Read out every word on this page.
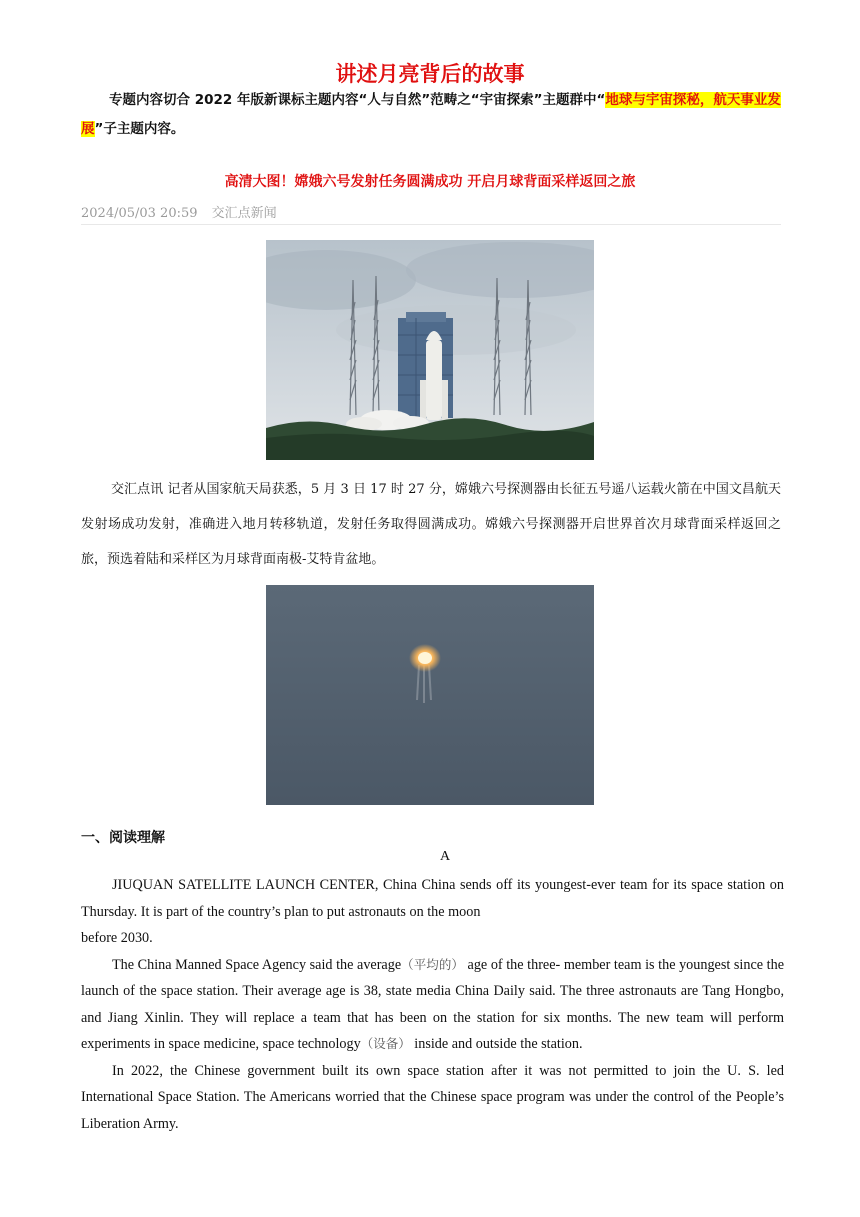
讲述月亮背后的故事
专题内容切合 2022 年版新课标主题内容“人与自然”范畴之“宇宙探索”主题群中“地球与宇宙探秘，航天事业发展”子主题内容。
高清大图！嫦娥六号发射任务圆满成功 开启月球背面采样返回之旅
2024/05/03 20:59 交汇点新闻
交汇点讯 记者从国家航天局获悉，5 月 3 日 17 时 27 分，嫦娥六号探测器由长征五号遥八运载火箭在中国文昌航天发射场成功发射，准确进入地月转移轨道，发射任务取得圆满成功。嫦娥六号探测器开启世界首次月球背面采样返回之旅，预选着陆和采样区为月球背面南极-艾特肯盆地。
一、阅读理解
A

JIUQUAN SATELLITE LAUNCH CENTER, China China sends off its youngest-ever team for its space station on Thursday. It is part of the country’s plan to put astronauts on the moon

before 2030.

The China Manned Space Agency said the average（平均的） age of the three- member team is the youngest since the launch of the space station. Their average age is 38, state media China Daily said. The three astronauts are Tang Hongbo, and Jiang Xinlin. They will replace a team that has been on the station for six months. The new team will perform experiments in space medicine, space technology（设备） inside and outside the station.

In 2022, the Chinese government built its own space station after it was not permitted to join the U. S. led International Space Station. The Americans worried that the Chinese space program was under the control of the People’s Liberation Army.
